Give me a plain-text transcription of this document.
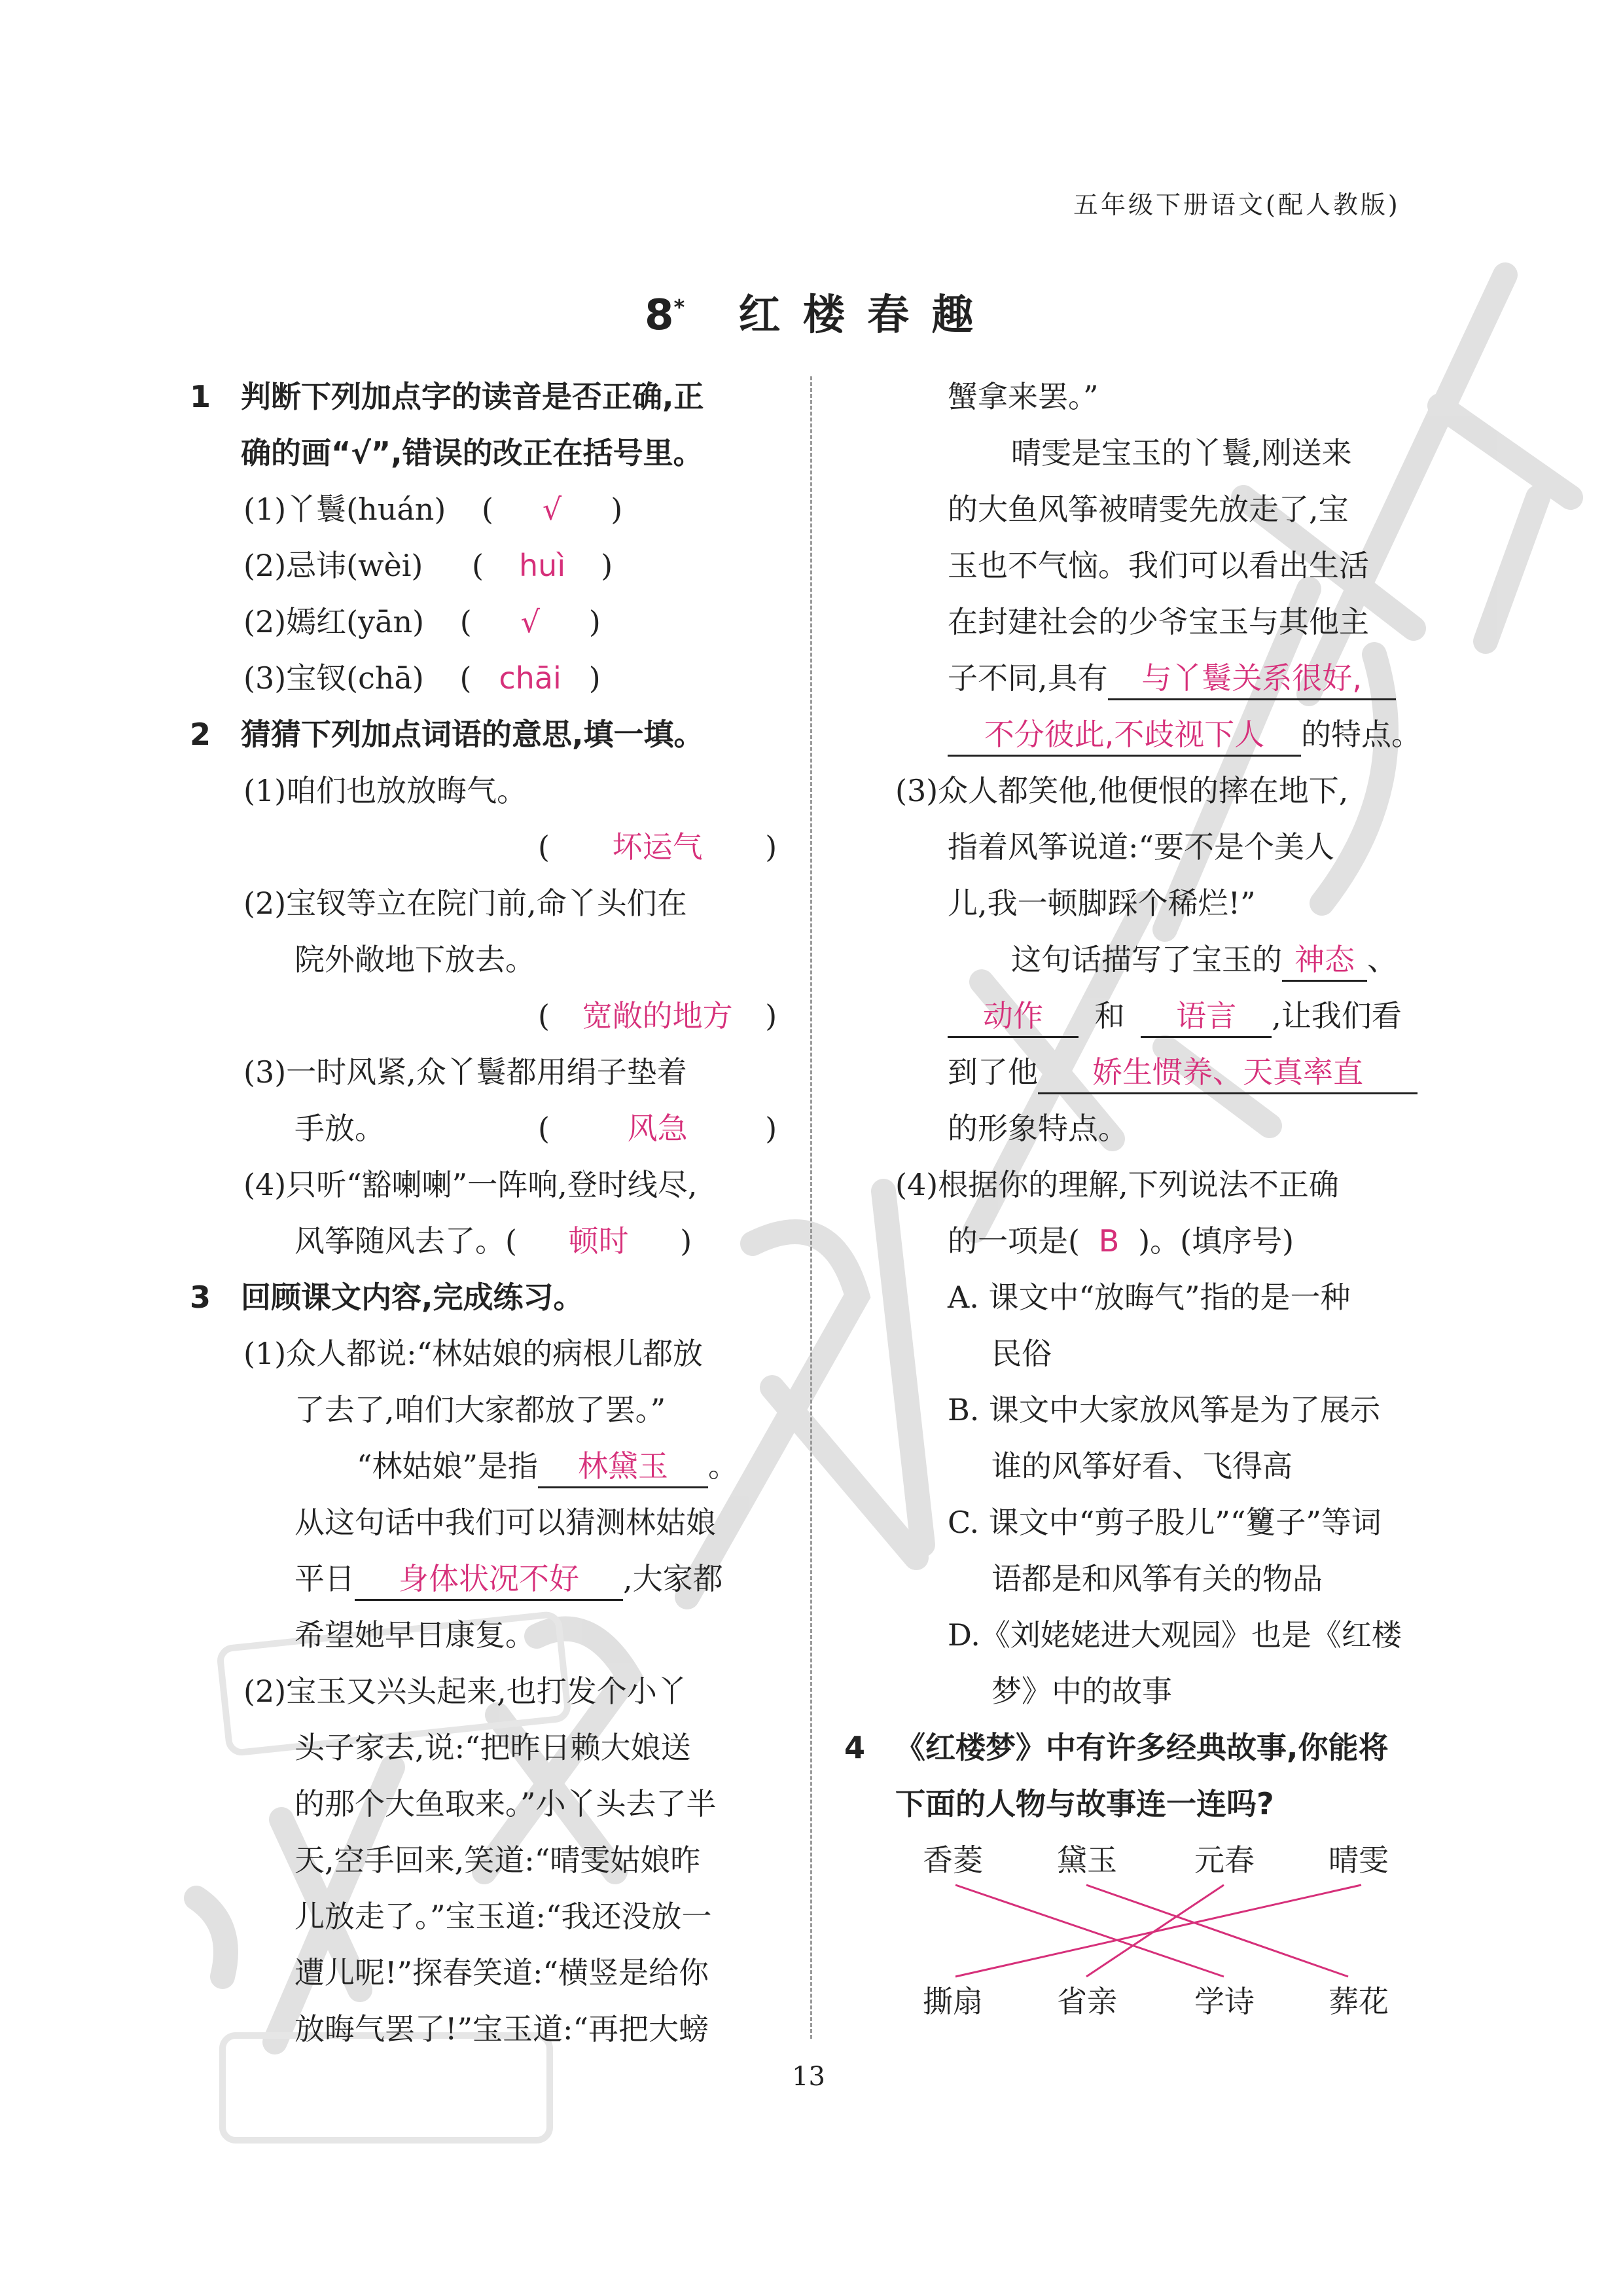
五年级下册语文(配人教版)
8* 红 楼 春 趣
1 判断下列加点字的读音是否正确,正
确的画“√”,错误的改正在括号里。
(1)丫鬟(huán) ( √ )
(2)忌讳(wèi) ( huì )
(2)嫣红(yān) ( √ )
(3)宝钗(chā) ( chāi )
2 猜猜下列加点词语的意思,填一填。
(1)咱们也放放晦气。
( 坏运气 )
(2)宝钗等立在院门前,命丫头们在
院外敞地下放去。
( 宽敞的地方 )
(3)一时风紧,众丫鬟都用绢子垫着
手放。	(	风急	)
(4)只听“豁喇喇”一阵响,登时线尽,
风筝随风去了。( 顿时 )
3 回顾课文内容,完成练习。
(1)众人都说:“林姑娘的病根儿都放
了去了,咱们大家都放了罢。”
“林姑娘”是指 林黛玉 。
从这句话中我们可以猜测林姑娘
平日 身体状况不好 ,大家都
希望她早日康复。
(2)宝玉又兴头起来,也打发个小丫
头子家去,说:“把昨日赖大娘送
的那个大鱼取来。”小丫头去了半
天,空手回来,笑道:“晴雯姑娘昨
儿放走了。”宝玉道:“我还没放一
遭儿呢!”探春笑道:“横竖是给你
放晦气罢了!”宝玉道:“再把大螃
蟹拿来罢。”
晴雯是宝玉的丫鬟,刚送来
的大鱼风筝被晴雯先放走了,宝
玉也不气恼。我们可以看出生活
在封建社会的少爷宝玉与其他主
子不同,具有 与丫鬟关系很好,
不分彼此,不歧视下人 的特点。
(3)众人都笑他,他便恨的摔在地下,
指着风筝说道:“要不是个美人
儿,我一顿脚踩个稀烂!”
这句话描写了宝玉的 神态 、
动作 和 语言 ,让我们看
到了他 娇生惯养、天真率直
的形象特点。
(4)根据你的理解,下列说法不正确
的一项是( B )。(填序号)
A. 课文中“放晦气”指的是一种
民俗
B. 课文中大家放风筝是为了展示
谁的风筝好看、飞得高
C. 课文中“剪子股儿”“籰子”等词
语都是和风筝有关的物品
D.《刘姥姥进大观园》也是《红楼
梦》中的故事
4 《红楼梦》中有许多经典故事,你能将
下面的人物与故事连一连吗?
香菱 黛玉	元春 晴雯
撕扇 省亲	学诗 葬花
13
